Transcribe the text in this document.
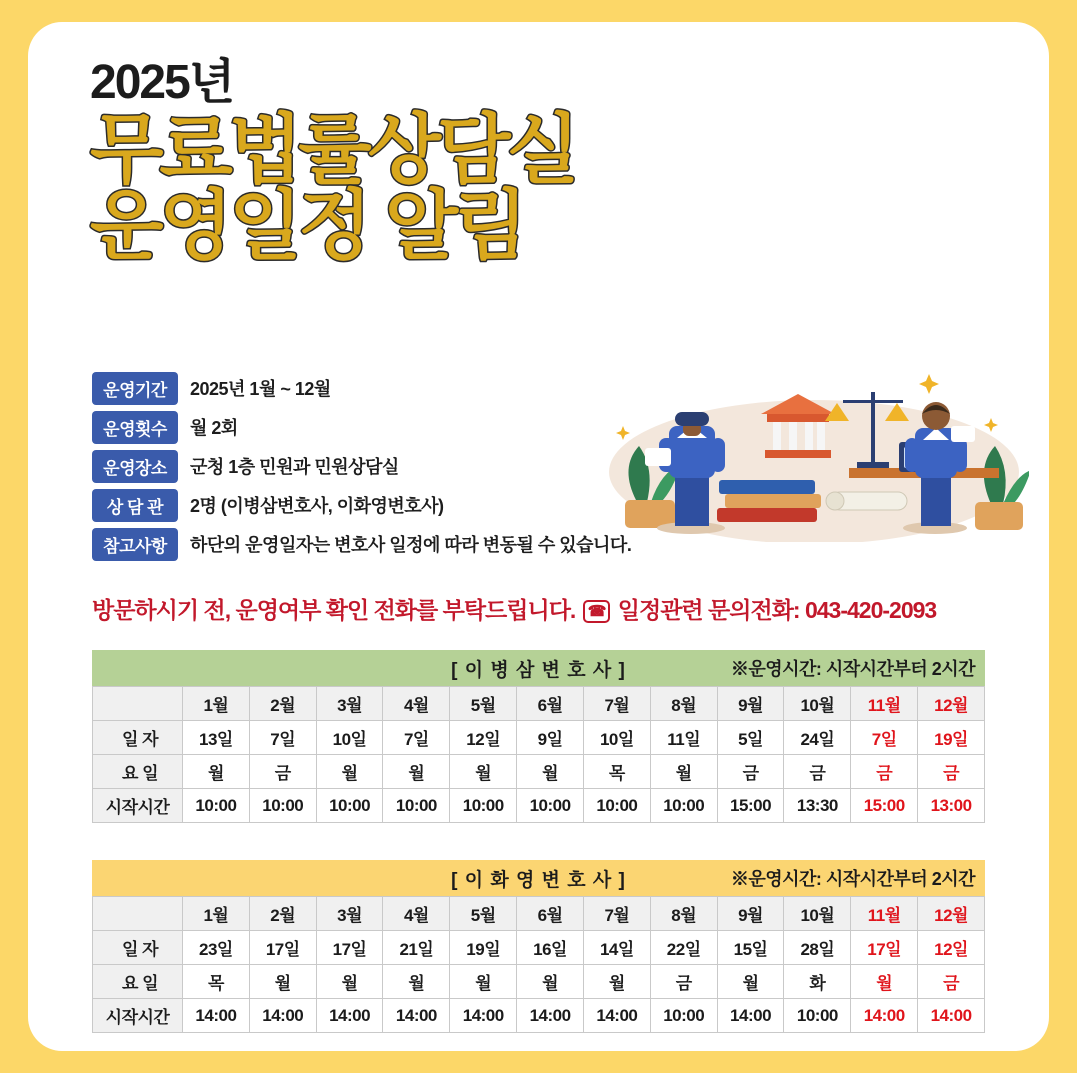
2025년
무료법률상담실
운영일정 알림
운영기간	2025년 1월 ~ 12월
운영횟수	월 2회
운영장소	군청 1층 민원과 민원상담실
상 담 관	2명 (이병삼변호사, 이화영변호사)
참고사항	하단의 운영일자는 변호사 일정에 따라 변동될 수 있습니다.
방문하시기 전, 운영여부 확인 전화를 부탁드립니다. ☎ 일정관련 문의전화: 043-420-2093
[ 이 병 삼 변 호 사 ]	※운영시간: 시작시간부터 2시간
	1월	2월	3월	4월	5월	6월	7월	8월	9월	10월	11월	12월
일 자	13일	7일	10일	7일	12일	9일	10일	11일	5일	24일	7일	19일
요 일	월	금	월	월	월	월	목	월	금	금	금	금
시작시간	10:00	10:00	10:00	10:00	10:00	10:00	10:00	10:00	15:00	13:30	15:00	13:00
[ 이 화 영 변 호 사 ]	※운영시간: 시작시간부터 2시간
	1월	2월	3월	4월	5월	6월	7월	8월	9월	10월	11월	12월
일 자	23일	17일	17일	21일	19일	16일	14일	22일	15일	28일	17일	12일
요 일	목	월	월	월	월	월	월	금	월	화	월	금
시작시간	14:00	14:00	14:00	14:00	14:00	14:00	14:00	10:00	14:00	10:00	14:00	14:00
